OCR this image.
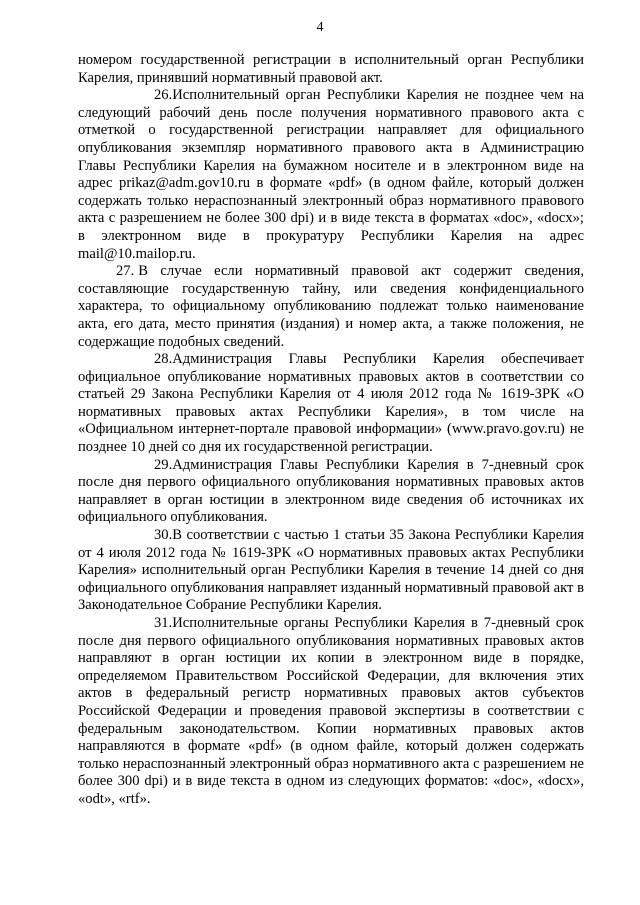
4

номером государственной регистрации в исполнительный орган Республики Карелия, принявший нормативный правовой акт.

26.Исполнительный орган Республики Карелия не позднее чем на следующий рабочий день после получения нормативного правового акта с отметкой о государственной регистрации направляет для официального опубликования экземпляр нормативного правового акта в Администрацию Главы Республики Карелия на бумажном носителе и в электронном виде на адрес prikaz@adm.gov10.ru в формате «pdf» (в одном файле, который должен содержать только нераспознанный электронный образ нормативного правового акта с разрешением не более 300 dpi) и в виде текста в форматах «doc», «docx»; в электронном виде в прокуратуру Республики Карелия на адрес mail@10.mailop.ru.

27. В случае если нормативный правовой акт содержит сведения, составляющие государственную тайну, или сведения конфиденциального характера, то официальному опубликованию подлежат только наименование акта, его дата, место принятия (издания) и номер акта, а также положения, не содержащие подобных сведений.

28.Администрация Главы Республики Карелия обеспечивает официальное опубликование нормативных правовых актов в соответствии со статьей 29 Закона Республики Карелия от 4 июля 2012 года № 1619-ЗРК «О нормативных правовых актах Республики Карелия», в том числе на «Официальном интернет-портале правовой информации» (www.pravo.gov.ru) не позднее 10 дней со дня их государственной регистрации.

29.Администрация Главы Республики Карелия в 7-дневный срок после дня первого официального опубликования нормативных правовых актов направляет в орган юстиции в электронном виде сведения об источниках их официального опубликования.

30.В соответствии с частью 1 статьи 35 Закона Республики Карелия от 4 июля 2012 года № 1619-ЗРК «О нормативных правовых актах Республики Карелия» исполнительный орган Республики Карелия в течение 14 дней со дня официального опубликования направляет изданный нормативный правовой акт в Законодательное Собрание Республики Карелия.

31.Исполнительные органы Республики Карелия в 7-дневный срок после дня первого официального опубликования нормативных правовых актов направляют в орган юстиции их копии в электронном виде в порядке, определяемом Правительством Российской Федерации, для включения этих актов в федеральный регистр нормативных правовых актов субъектов Российской Федерации и проведения правовой экспертизы в соответствии с федеральным законодательством. Копии нормативных правовых актов направляются в формате «pdf» (в одном файле, который должен содержать только нераспознанный электронный образ нормативного акта с разрешением не более 300 dpi) и в виде текста в одном из следующих форматов: «doc», «docx», «odt», «rtf».
